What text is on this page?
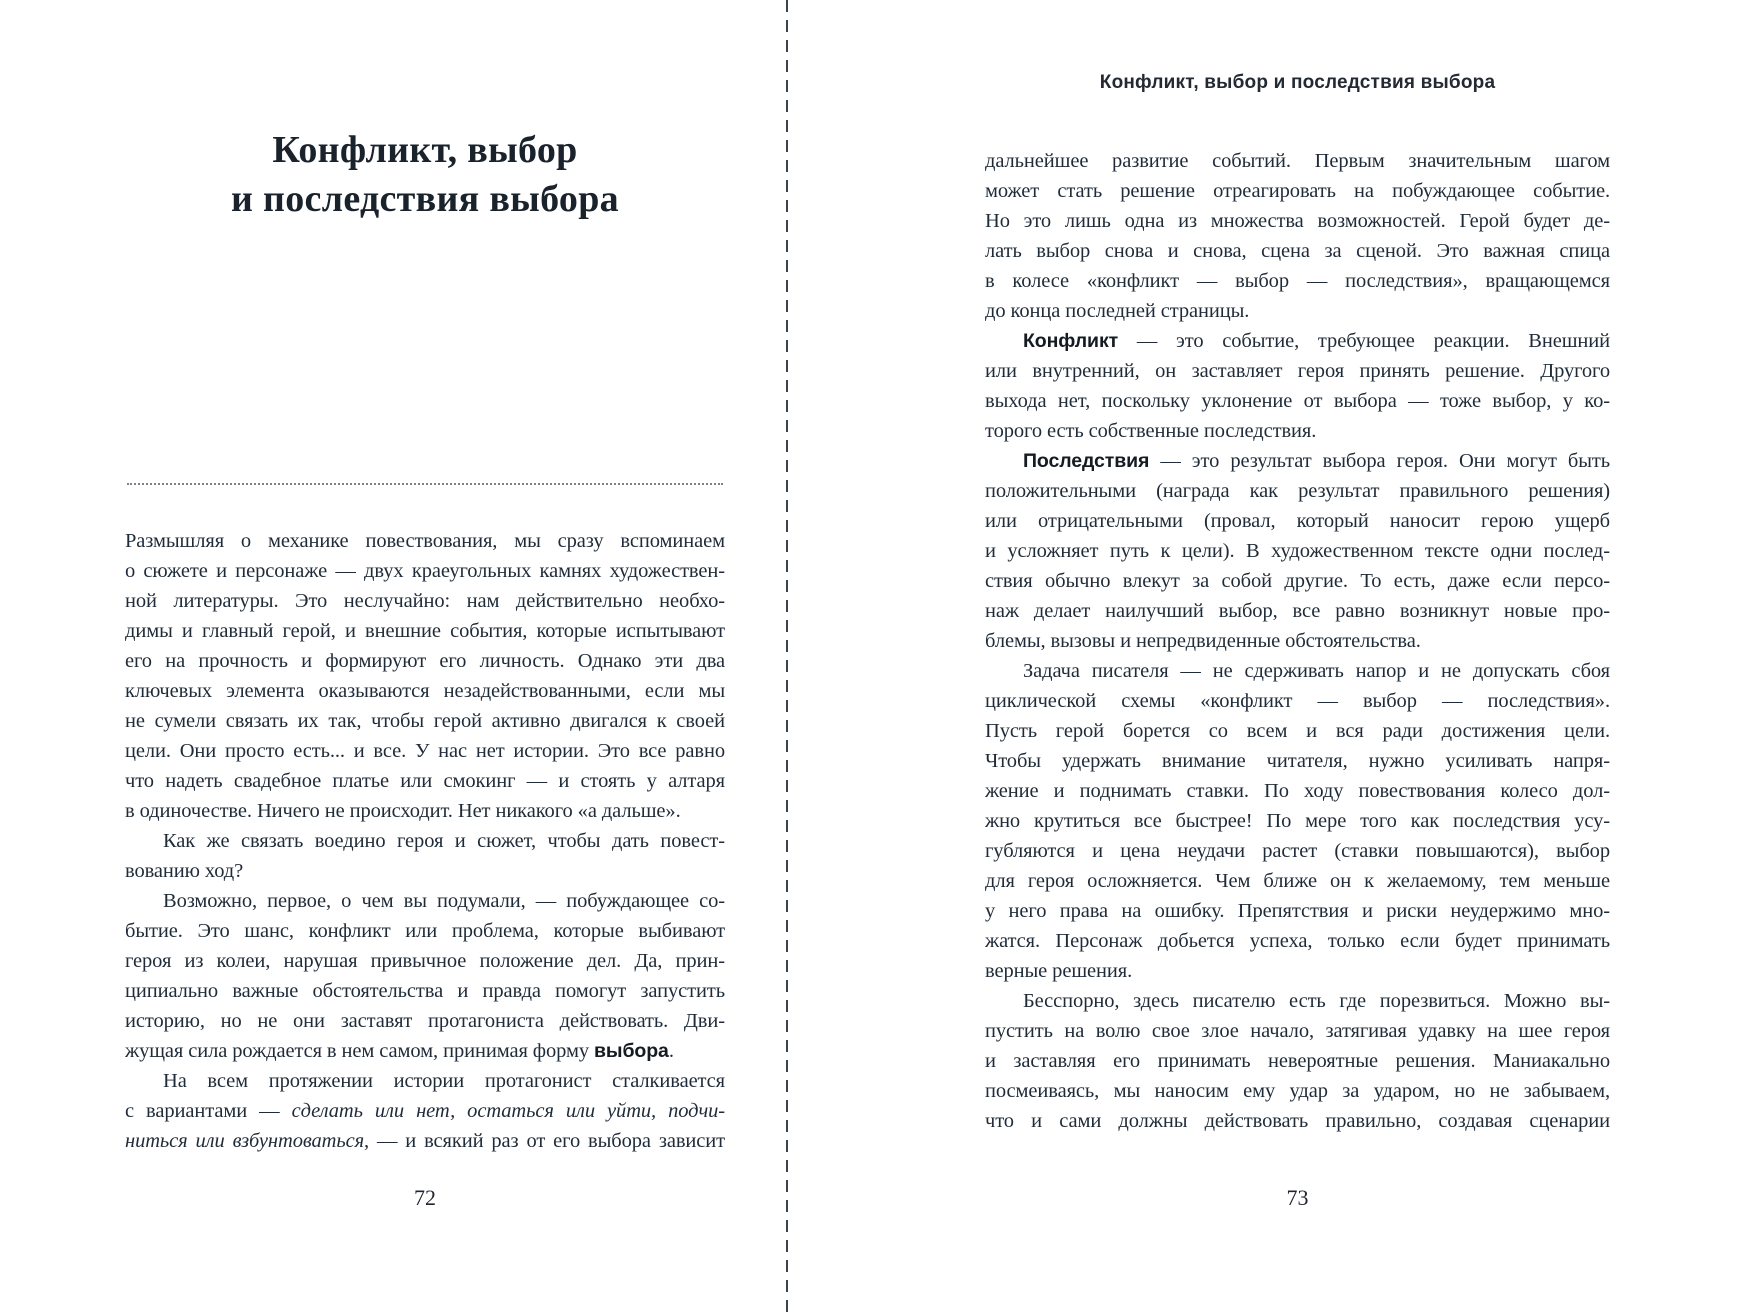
Конфликт, выбор
и последствия выбора
Размышляя о механике повествования, мы сразу вспоминаем
о сюжете и персонаже — двух краеугольных камнях художествен-
ной литературы. Это неслучайно: нам действительно необхо-
димы и главный герой, и внешние события, которые испытывают
его на прочность и формируют его личность. Однако эти два
ключевых элемента оказываются незадействованными, если мы
не сумели связать их так, чтобы герой активно двигался к своей
цели. Они просто есть... и все. У нас нет истории. Это все равно
что надеть свадебное платье или смокинг — и стоять у алтаря
в одиночестве. Ничего не происходит. Нет никакого «а дальше».
Как же связать воедино героя и сюжет, чтобы дать повест-
вованию ход?
Возможно, первое, о чем вы подумали, — побуждающее со-
бытие. Это шанс, конфликт или проблема, которые выбивают
героя из колеи, нарушая привычное положение дел. Да, прин-
ципиально важные обстоятельства и правда помогут запустить
историю, но не они заставят протагониста действовать. Дви-
жущая сила рождается в нем самом, принимая форму выбора.
На всем протяжении истории протагонист сталкивается
с вариантами — сделать или нет, остаться или уйти, подчи-
ниться или взбунтоваться, — и всякий раз от его выбора зависит
72
Конфликт, выбор и последствия выбора
дальнейшее развитие событий. Первым значительным шагом
может стать решение отреагировать на побуждающее событие.
Но это лишь одна из множества возможностей. Герой будет де-
лать выбор снова и снова, сцена за сценой. Это важная спица
в колесе «конфликт — выбор — последствия», вращающемся
до конца последней страницы.
Конфликт — это событие, требующее реакции. Внешний
или внутренний, он заставляет героя принять решение. Другого
выхода нет, поскольку уклонение от выбора — тоже выбор, у ко-
торого есть собственные последствия.
Последствия — это результат выбора героя. Они могут быть
положительными (награда как результат правильного решения)
или отрицательными (провал, который наносит герою ущерб
и усложняет путь к цели). В художественном тексте одни послед-
ствия обычно влекут за собой другие. То есть, даже если персо-
наж делает наилучший выбор, все равно возникнут новые про-
блемы, вызовы и непредвиденные обстоятельства.
Задача писателя — не сдерживать напор и не допускать сбоя
циклической схемы «конфликт — выбор — последствия».
Пусть герой борется со всем и вся ради достижения цели.
Чтобы удержать внимание читателя, нужно усиливать напря-
жение и поднимать ставки. По ходу повествования колесо дол-
жно крутиться все быстрее! По мере того как последствия усу-
губляются и цена неудачи растет (ставки повышаются), выбор
для героя осложняется. Чем ближе он к желаемому, тем меньше
у него права на ошибку. Препятствия и риски неудержимо мно-
жатся. Персонаж добьется успеха, только если будет принимать
верные решения.
Бесспорно, здесь писателю есть где порезвиться. Можно вы-
пустить на волю свое злое начало, затягивая удавку на шее героя
и заставляя его принимать невероятные решения. Маниакально
посмеиваясь, мы наносим ему удар за ударом, но не забываем,
что и сами должны действовать правильно, создавая сценарии
73
